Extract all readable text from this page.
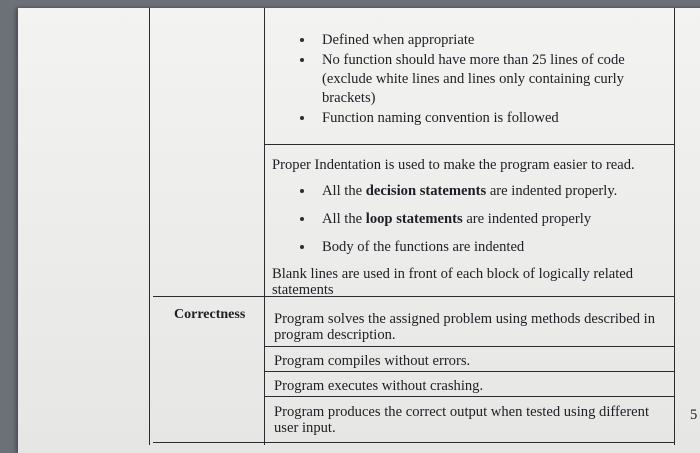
Defined when appropriate
No function should have more than 25 lines of code
(exclude white lines and lines only containing curly
brackets)
Function naming convention is followed
Proper Indentation is used to make the program easier to read.
All the decision statements are indented properly.
All the loop statements are indented properly
Body of the functions are indented
Blank lines are used in front of each block of logically related
statements
Correctness Program solves the assigned problem using methods described in
program description.
Program compiles without errors.
Program executes without crashing.
Program produces the correct output when tested using different
user input.
5
